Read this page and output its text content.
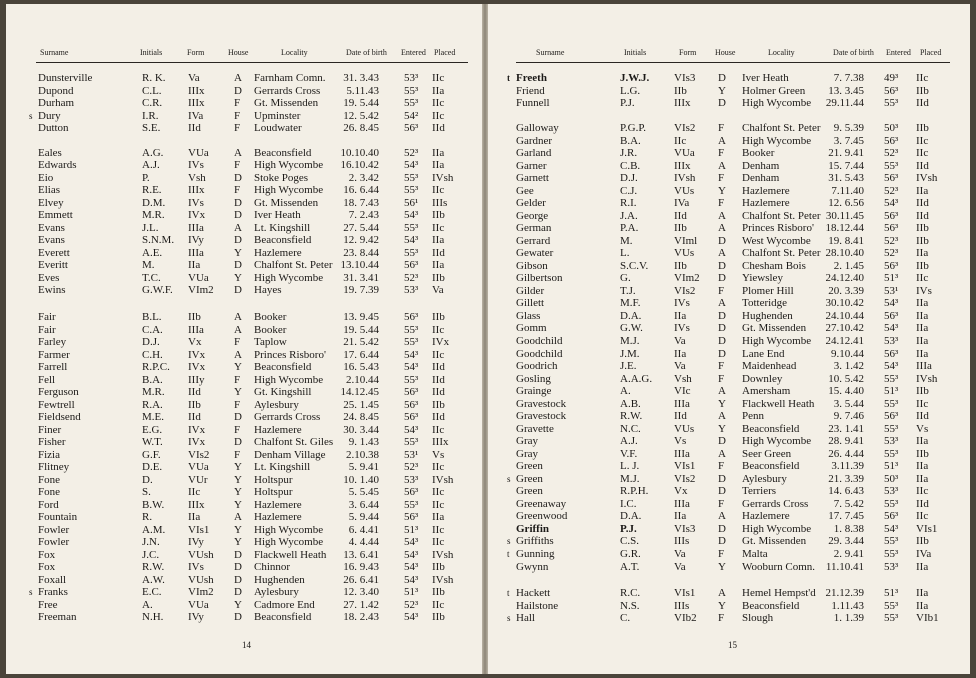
Surname	Initials	Form	House	Locality	Date of birth Entered Placed
Dunsterville	R. K. Va	A Farnham Comn.	31. 3.43 53³ IIc
Dupond	C.L. IIIx	D Gerrards Cross	5.11.43 55³ IIa
Durham	C.R. IIIx	F Gt. Missenden	19. 5.44 55³ IIc
s Dury	I.R.	IVa	F Upminster	12. 5.42 54² IIc
Dutton	S.E.	IId	F Loudwater	26. 8.45 56³ IId
Eales	A.G. VUa A Beaconsfield	10.10.40 52³ IIa
Edwards	A.J.	IVs	F High Wycombe	16.10.42 54³ IIa
Eio	P.	Vsh	D Stoke Poges	2. 3.42 55³ IVsh
Elias	R.E. IIIx	F High Wycombe	16. 6.44 55³ IIc
Elvey	D.M. IVs	D Gt. Missenden	18. 7.43 56¹ IIIs
Emmett	M.R. IVx	D Iver Heath	7. 2.43 54³ IIb
Evans	J.L.	IIIa	A Lt. Kingshill	27. 5.44 55³ IIc
Evans	S.N.M. IVy	D Beaconsfield	12. 9.42 54³ IIa
Everett	A.E. IIIa	Y Hazlemere	23. 8.44 55³ IId
Everitt	M.	IIa	D Chalfont St. Peter 13.10.44 56³ IIa
Eves	T.C. VUa Y High Wycombe	31. 3.41 52³ IIb
Ewins	G.W.F. VIm2 D Hayes	19. 7.39 53³ Va
Fair	B.L. IIb	A Booker	13. 9.45 56³ IIb
Fair	C.A. IIIa	A Booker	19. 5.44 55³ IIc
Farley	D.J.	Vx	F Taplow	21. 5.42 55³ IVx
Farmer	C.H. IVx	A Princes Risboro'	17. 6.44 54³ IIc
Farrell	R.P.C. IVx	Y Beaconsfield	16. 5.43 54³ IId
Fell	B.A. IIIy	F High Wycombe	2.10.44 55³ IId
Ferguson	M.R. IId	Y Gt. Kingshill	14.12.45 56³ IId
Fewtrell	R.A. IIb	F Aylesbury	25. 1.45 56³ IIb
Fieldsend	M.E. IId	D Gerrards Cross	24. 8.45 56³ IId
Finer	E.G. IVx	F Hazlemere	30. 3.44 54³ IIc
Fisher	W.T. IVx	D Chalfont St. Giles	9. 1.43 55³ IIIx
Fizia	G.F. VIs2 F Denham Village	2.10.38 53¹ Vs
Flitney	D.E. VUa Y Lt. Kingshill	5. 9.41 52³ IIc
Fone	D.	VUr Y Holtspur	10. 1.40 53³ IVsh
Fone	S.	IIc	Y Holtspur	5. 5.45 56³ IIc
Ford	B.W. IIIx	Y Hazlemere	3. 6.44 55³ IIc
Fountain	R.	IIa	A Hazlemere	5. 9.44 56³ IIa
Fowler	A.M. VIs1 Y High Wycombe	6. 4.41 51³ IIc
Fowler	J.N.	IVy	Y High Wycombe	4. 4.44 54³ IIc
Fox	J.C.	VUsh D Flackwell Heath	13. 6.41 54³ IVsh
Fox	R.W. IVs	D Chinnor	16. 9.43 54³ IIb
Foxall	A.W. VUsh D Hughenden	26. 6.41 54³ IVsh
s Franks	E.C. VIm2 D Aylesbury	12. 3.40 51³ IIb
Free	A.	VUa Y Cadmore End	27. 1.42 52³ IIc
Freeman	N.H. IVy	D Beaconsfield	18. 2.43 54³ IIb
14
Surname	Initials	Form House	Locality	Date of birth Entered Placed
t Freeth	J.W.J. VIs3 D Iver Heath	7. 7.38 49³ IIc
Friend	L.G.	IIb	Y Holmer Green	13. 3.45 56³ IIb
Funnell	P.J.	IIIx	D High Wycombe	29.11.44 55³ IId
Galloway	P.G.P.	VIs2 F Chalfont St. Peter	9. 5.39 50³ IIb
Gardner	B.A.	IIc	A High Wycombe	3. 7.45 56³ IIc
Garland	J.R.	VUa F Booker	21. 9.41 52³ IIc
Garner	C.B.	IIIx	A Denham	15. 7.44 55³ IId
Garnett	D.J.	IVsh F Denham	31. 5.43 56³ IVsh
Gee	C.J.	VUs Y Hazlemere	7.11.40 52³ IIa
Gelder	R.I.	IVa	F Hazlemere	12. 6.56 54³ IId
George	J.A.	IId	A Chalfont St. Peter 30.11.45 56³ IId
German	P.A.	IIb	A Princes Risboro'	18.12.44 56³ IIb
Gerrard	M.	VIml D West Wycombe	19. 8.41 52³ IIb
Gewater	L.	VUs A Chalfont St. Peter 28.10.40 52³ IIa
Gibson	S.C.V. IIb	D Chesham Bois	2. 1.45 56³ IIb
Gilbertson	G.	VIm2 D Yiewsley	24.12.40 51³ IIc
Gilder	T.J.	VIs2 F Plomer Hill	20. 3.39 53¹ IVs
Gillett	M.F.	IVs	A Totteridge	30.10.42 54³ IIa
Glass	D.A.	IIa	D Hughenden	24.10.44 56³ IIa
Gomm	G.W.	IVs	D Gt. Missenden	27.10.42 54³ IIa
Goodchild	M.J.	Va	D High Wycombe	24.12.41 53³ IIa
Goodchild	J.M.	IIa	D Lane End	9.10.44 56³ IIa
Goodrich	J.E.	Va	F Maidenhead	3. 1.42 54³ IIIa
Gosling	A.A.G. Vsh F Downley	10. 5.42 55³ IVsh
Grainge	A.	VIc	A Amersham	15. 4.40 51³ IIb
Gravestock	A.B.	IIIa	Y Flackwell Heath	3. 5.44 55³ IIc
Gravestock	R.W.	IId	A Penn	9. 7.46 56³ IId
Gravette	N.C.	VUs Y Beaconsfield	23. 1.41 55³ Vs
Gray	A.J.	Vs	D High Wycombe	28. 9.41 53³ IIa
Gray	V.F.	IIIa	A Seer Green	26. 4.44 55³ IIb
Green	L. J.	VIs1 F Beaconsfield	3.11.39 51³ IIa
s Green	M.J.	VIs2 D Aylesbury	21. 3.39 50³ IIa
Green	R.P.H. Vx	D Terriers	14. 6.43 53³ IIc
Greenaway	I.C.	IIIa	F Gerrards Cross	7. 5.42 55³ IId
Greenwood	D.A.	IIa	A Hazlemere	17. 7.45 56³ IIc
Griffin	P.J.	VIs3 D High Wycombe	1. 8.38 54³ VIs1
s Griffiths	C.S.	IIIs	D Gt. Missenden	29. 3.44 55³ IIb
t Gunning	G.R.	Va	F Malta	2. 9.41 55³ IVa
Gwynn	A.T.	Va	Y Wooburn Comn. 11.10.41 53³ IIa
t Hackett	R.C.	VIs1 A Hemel Hempst'd 21.12.39 51³ IIa
Hailstone	N.S.	IIIs	Y Beaconsfield	1.11.43 55³ IIa
s Hall	C.	VIb2 F Slough	1. 1.39 55³ VIb1
15
